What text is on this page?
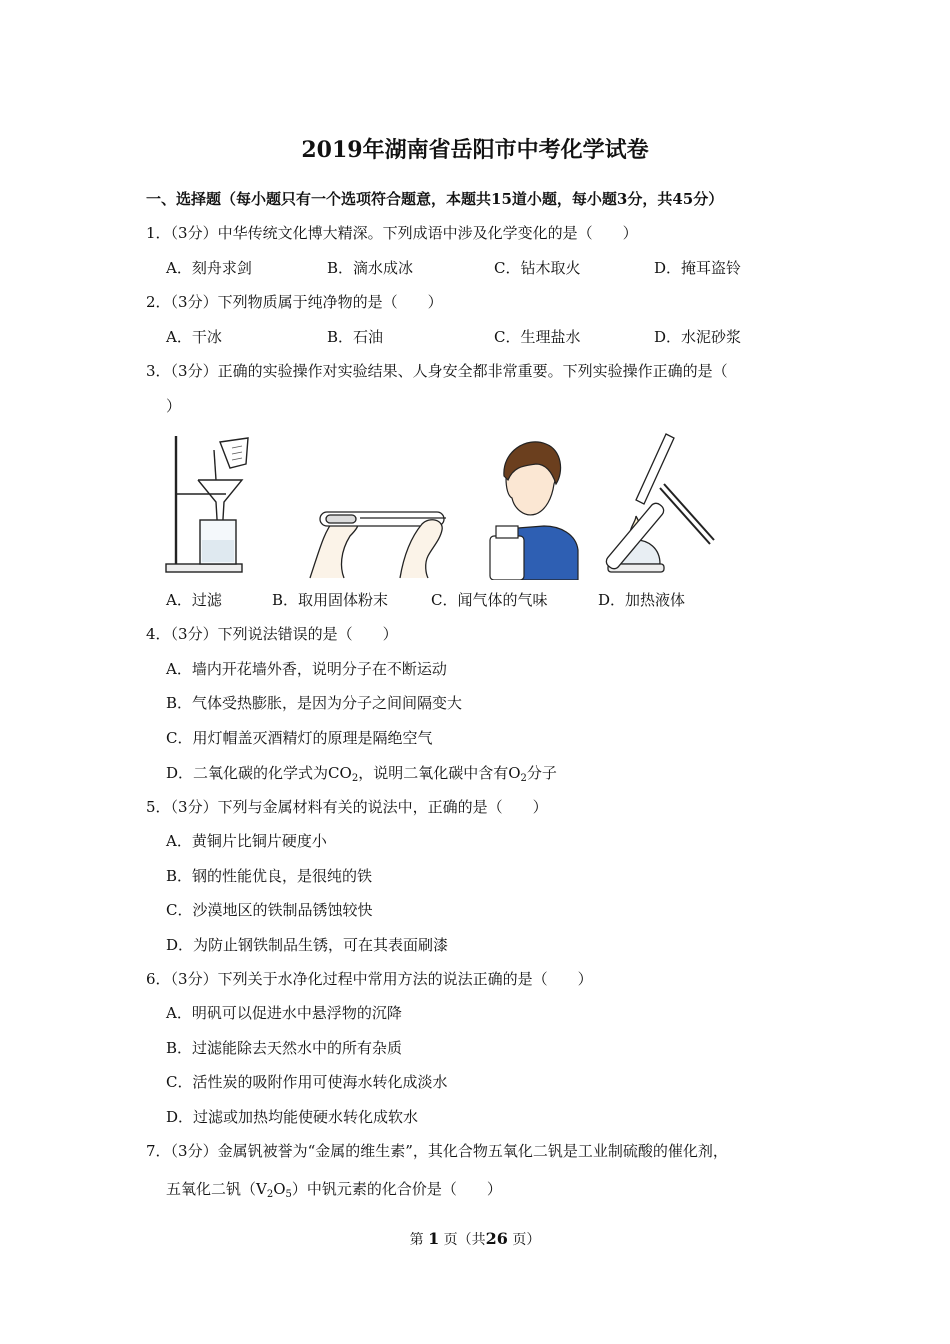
2019年湖南省岳阳市中考化学试卷
一、选择题（每小题只有一个选项符合题意，本题共15道小题，每小题3分，共45分）
1．（3分）中华传统文化博大精深。下列成语中涉及化学变化的是（　　）
A．刻舟求剑	B．滴水成冰	C．钻木取火	D．掩耳盗铃
2．（3分）下列物质属于纯净物的是（　　）
A．干冰	B．石油	C．生理盐水	D．水泥砂浆
3．（3分）正确的实验操作对实验结果、人身安全都非常重要。下列实验操作正确的是（
）
A．过滤	B．取用固体粉末	C．闻气体的气味	D．加热液体
4．（3分）下列说法错误的是（　　）
A．墙内开花墙外香，说明分子在不断运动
B．气体受热膨胀，是因为分子之间间隔变大
C．用灯帽盖灭酒精灯的原理是隔绝空气
D．二氧化碳的化学式为$CO_2$，说明二氧化碳中含有$O_2$分子
5．（3分）下列与金属材料有关的说法中，正确的是（　　）
A．黄铜片比铜片硬度小
B．钢的性能优良，是很纯的铁
C．沙漠地区的铁制品锈蚀较快
D．为防止钢铁制品生锈，可在其表面刷漆
6．（3分）下列关于水净化过程中常用方法的说法正确的是（　　）
A．明矾可以促进水中悬浮物的沉降
B．过滤能除去天然水中的所有杂质
C．活性炭的吸附作用可使海水转化成淡水
D．过滤或加热均能使硬水转化成软水
7．（3分）金属钒被誉为“金属的维生素”，其化合物五氧化二钒是工业制硫酸的催化剂，
五氧化二钒$(V_2O_5)$中钒元素的化合价是（　　）
第 1 页（共26 页）
